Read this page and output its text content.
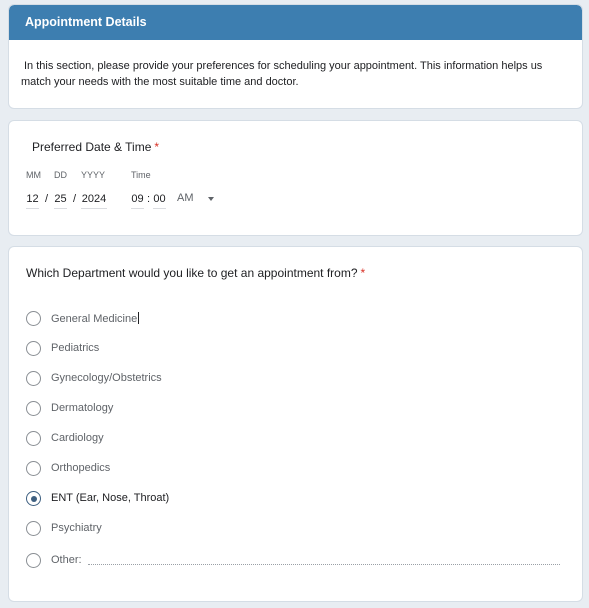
Appointment Details
In this section, please provide your preferences for scheduling your appointment. This information helps us match your needs with the most suitable time and doctor.
Preferred Date & Time *
MM DD YYYY	Time
12 / 25 / 2024 09 : 00 AM
Which Department would you like to get an appointment from? *
General Medicine
Pediatrics
Gynecology/Obstetrics
Dermatology
Cardiology
Orthopedics
ENT (Ear, Nose, Throat)
Psychiatry
Other:
